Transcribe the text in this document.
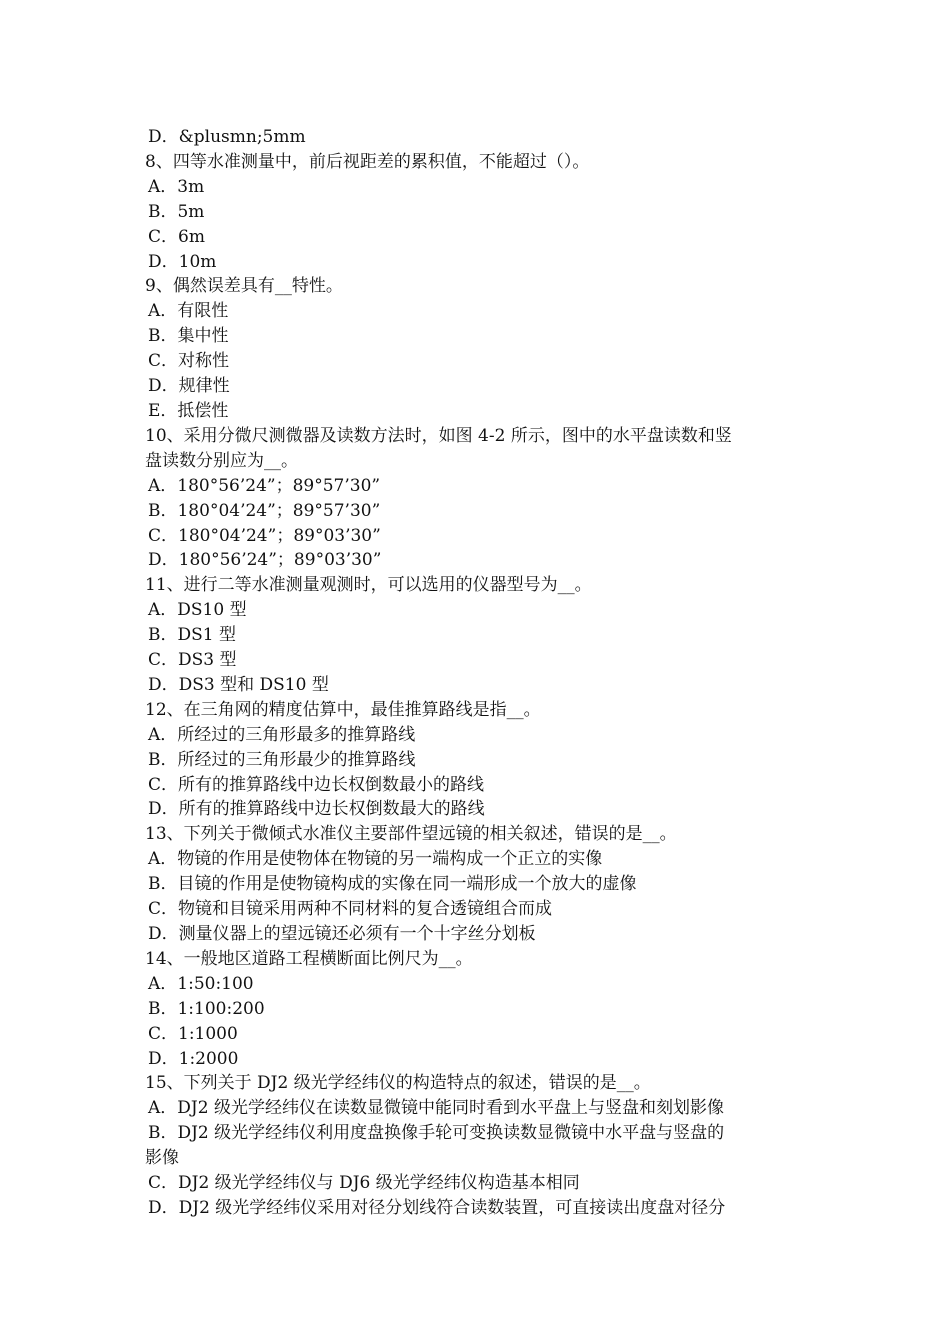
D．&plusmn;5mm
8、四等水准测量中，前后视距差的累积值，不能超过（）。
A．3m
B．5m
C．6m
D．10m
9、偶然误差具有__特性。
A．有限性
B．集中性
C．对称性
D．规律性
E．抵偿性
10、采用分微尺测微器及读数方法时，如图 4-2 所示，图中的水平盘读数和竖
盘读数分别应为__。
A．180°56’24”；89°57’30”
B．180°04’24”；89°57’30”
C．180°04’24”；89°03’30”
D．180°56’24”；89°03’30”
11、进行二等水准测量观测时，可以选用的仪器型号为__。
A．DS10 型
B．DS1 型
C．DS3 型
D．DS3 型和 DS10 型
12、在三角网的精度估算中，最佳推算路线是指__。
A．所经过的三角形最多的推算路线
B．所经过的三角形最少的推算路线
C．所有的推算路线中边长权倒数最小的路线
D．所有的推算路线中边长权倒数最大的路线
13、下列关于微倾式水准仪主要部件望远镜的相关叙述，错误的是__。
A．物镜的作用是使物体在物镜的另一端构成一个正立的实像
B．目镜的作用是使物镜构成的实像在同一端形成一个放大的虚像
C．物镜和目镜采用两种不同材料的复合透镜组合而成
D．测量仪器上的望远镜还必须有一个十字丝分划板
14、一般地区道路工程横断面比例尺为__。
A．1:50:100
B．1:100:200
C．1:1000
D．1:2000
15、下列关于 DJ2 级光学经纬仪的构造特点的叙述，错误的是__。
A．DJ2 级光学经纬仪在读数显微镜中能同时看到水平盘上与竖盘和刻划影像
B．DJ2 级光学经纬仪利用度盘换像手轮可变换读数显微镜中水平盘与竖盘的
影像
C．DJ2 级光学经纬仪与 DJ6 级光学经纬仪构造基本相同
D．DJ2 级光学经纬仪采用对径分划线符合读数装置，可直接读出度盘对径分
